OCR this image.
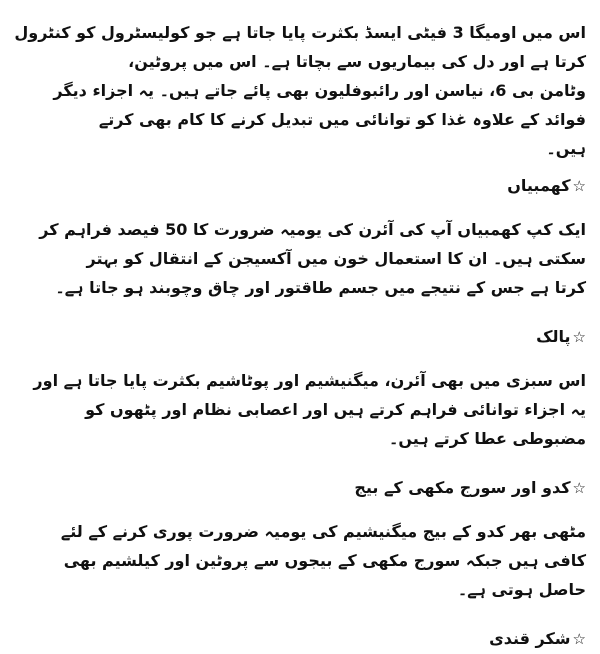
اس میں اومیگا 3 فیٹی ایسڈ بکثرت پایا جاتا ہے جو کولیسٹرول کو کنٹرول کرتا ہے اور دل کی بیماریوں سے بچاتا ہے۔ اس میں پروٹین،
وٹامن بی 6، نیاسن اور رائبوفلیون بھی پائے جاتے ہیں۔ یہ اجزاء دیگر فوائد کے علاوہ غذا کو توانائی میں تبدیل کرنے کا کام بھی کرتے
ہیں۔

☆کھمبیاں

ایک کپ کھمبیاں آپ کی آئرن کی یومیہ ضرورت کا 50 فیصد فراہم کر سکتی ہیں۔ ان کا استعمال خون میں آکسیجن کے انتقال کو بہتر
کرتا ہے جس کے نتیجے میں جسم طاقتور اور چاق وچوبند ہو جاتا ہے۔

☆پالک

اس سبزی میں بھی آئرن، میگنیشیم اور پوٹاشیم بکثرت پایا جاتا ہے اور یہ اجزاء توانائی فراہم کرتے ہیں اور اعصابی نظام اور پٹھوں کو
مضبوطی عطا کرتے ہیں۔

☆کدو اور سورج مکھی کے بیج

مٹھی بھر کدو کے بیج میگنیشیم کی یومیہ ضرورت پوری کرنے کے لئے کافی ہیں جبکہ سورج مکھی کے بیجوں سے پروٹین اور کیلشیم بھی
حاصل ہوتی ہے۔

☆شکر قندی
